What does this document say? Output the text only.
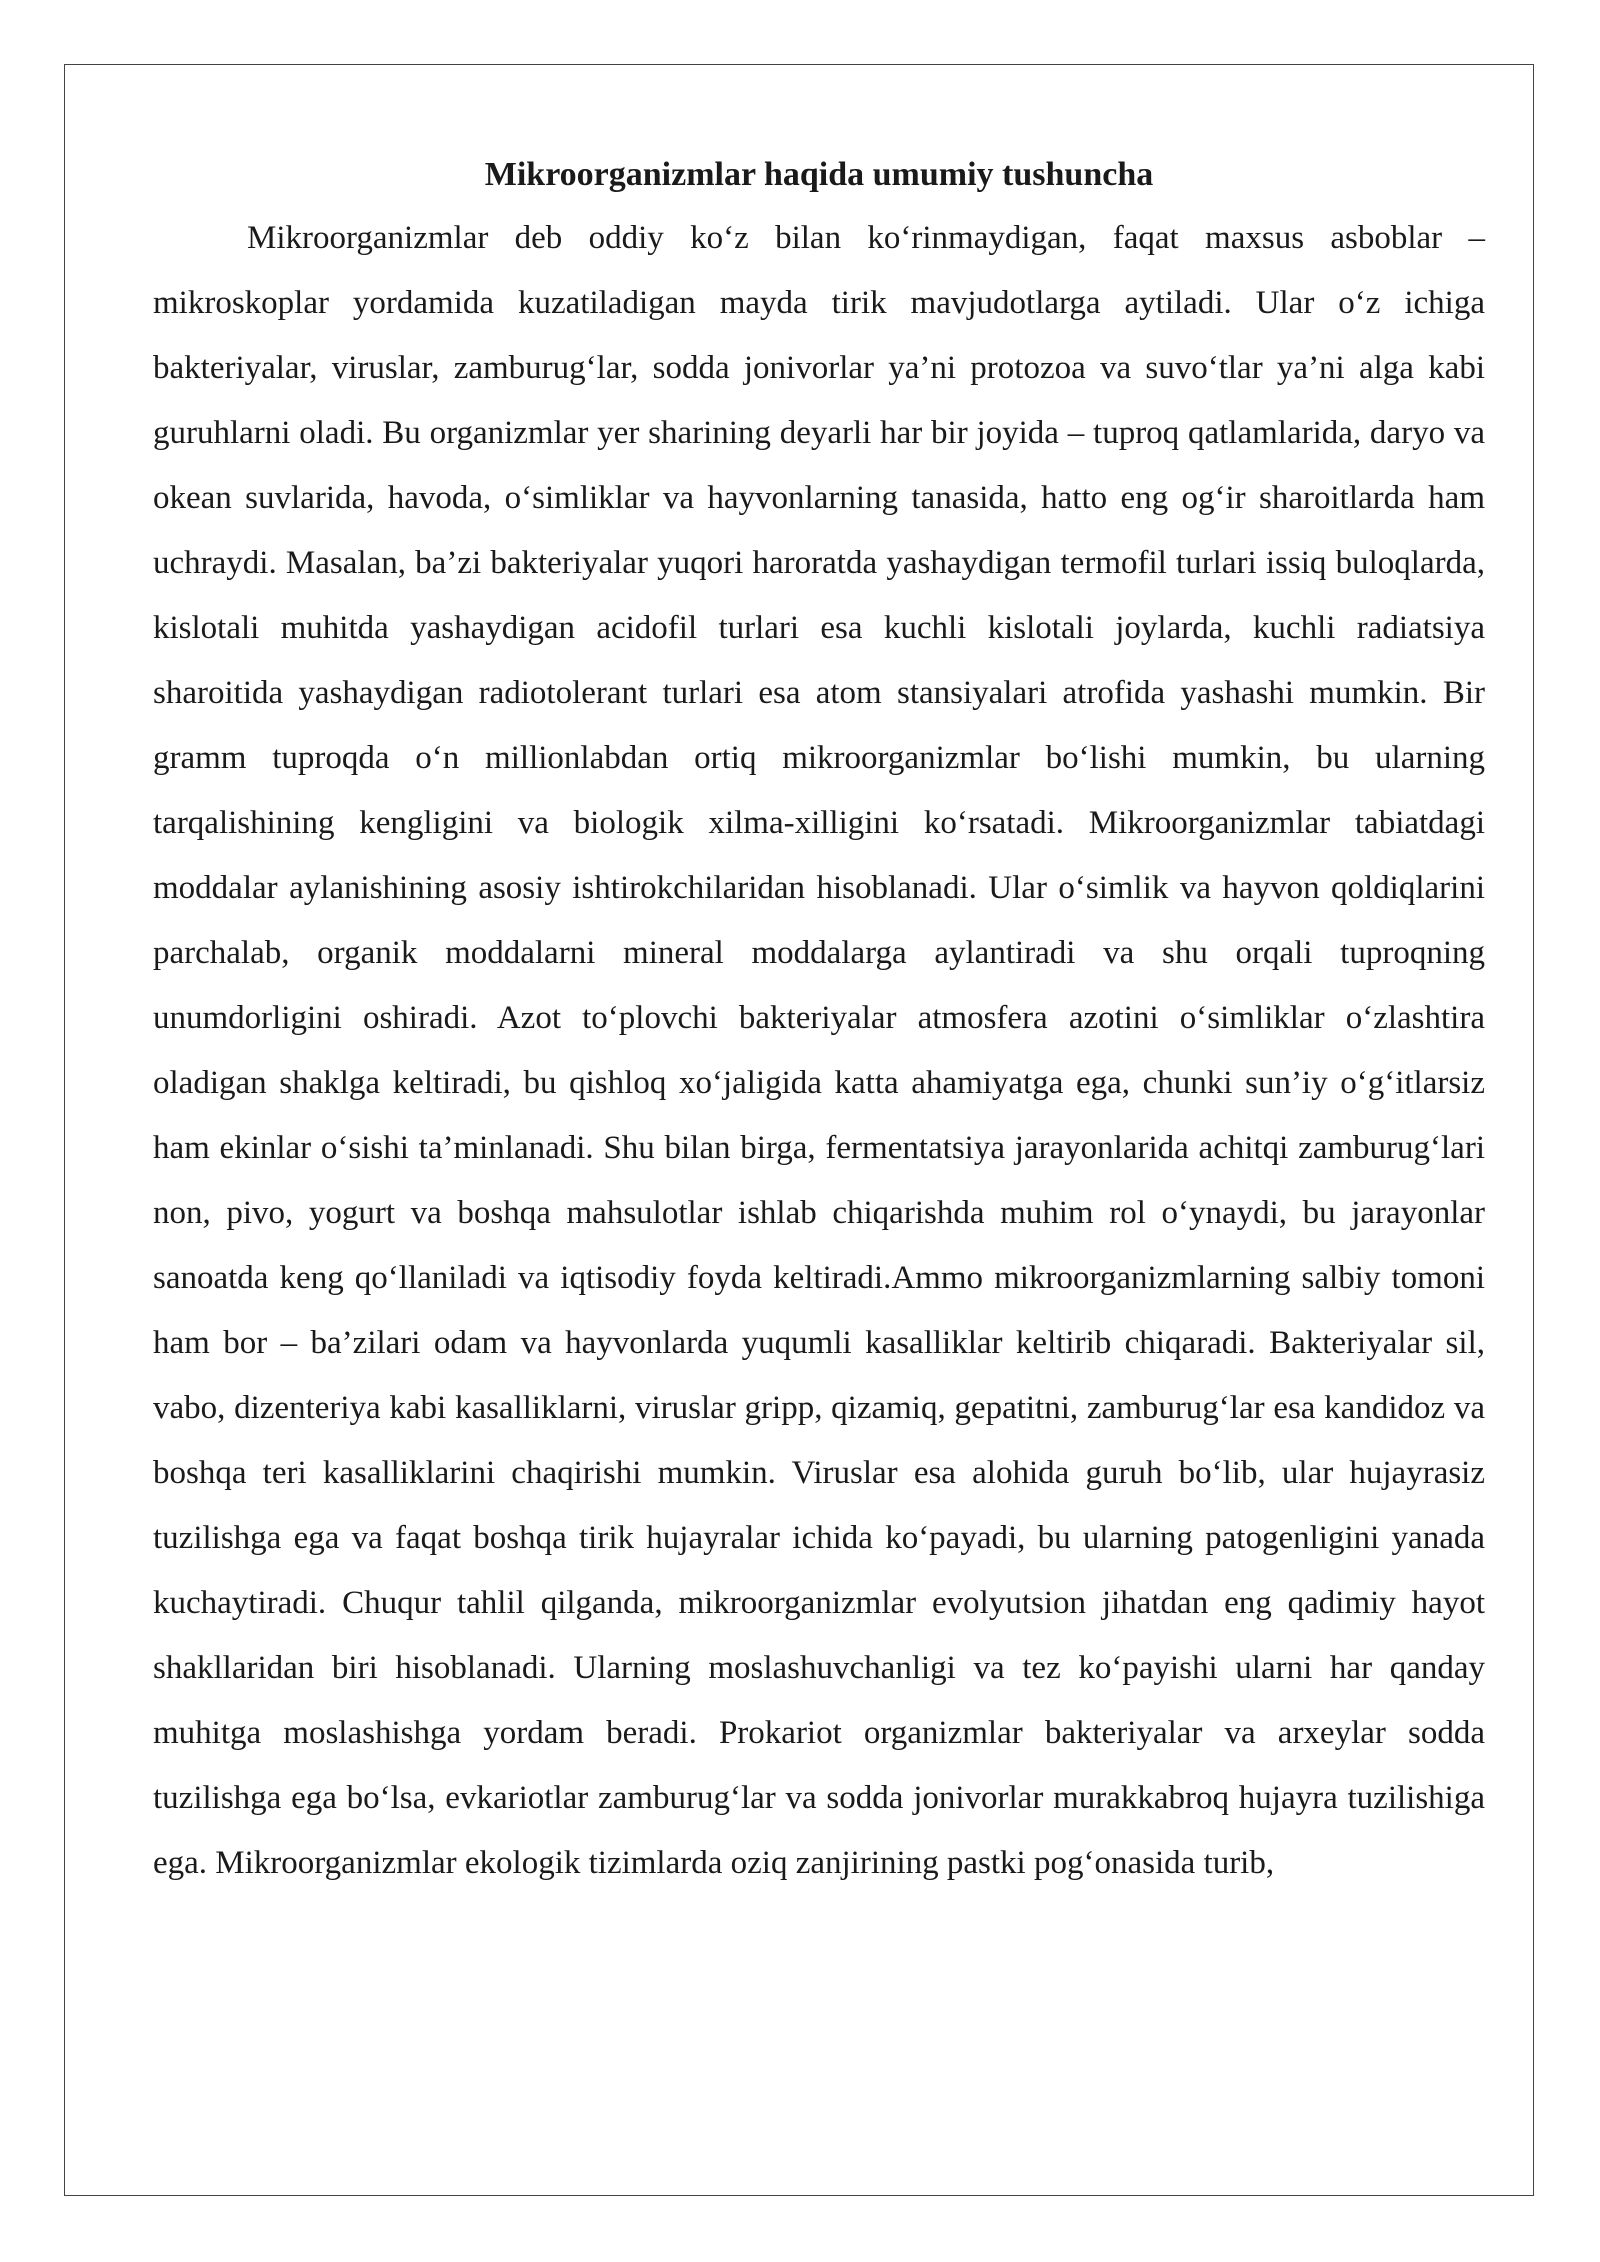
Mikroorganizmlar haqida umumiy tushuncha

Mikroorganizmlar deb oddiy koʻz bilan koʻrinmaydigan, faqat maxsus asboblar – mikroskoplar yordamida kuzatiladigan mayda tirik mavjudotlarga aytiladi. Ular oʻz ichiga bakteriyalar, viruslar, zamburugʻlar, sodda jonivorlar ya’ni protozoa va suvoʻtlar ya’ni alga kabi guruhlarni oladi. Bu organizmlar yer sharining deyarli har bir joyida – tuproq qatlamlarida, daryo va okean suvlarida, havoda, oʻsimliklar va hayvonlarning tanasida, hatto eng ogʻir sharoitlarda ham uchraydi. Masalan, ba’zi bakteriyalar yuqori haroratda yashaydigan termofil turlari issiq buloqlarda, kislotali muhitda yashaydigan acidofil turlari esa kuchli kislotali joylarda, kuchli radiatsiya sharoitida yashaydigan radiotolerant turlari esa atom stansiyalari atrofida yashashi mumkin. Bir gramm tuproqda oʻn millionlabdan ortiq mikroorganizmlar boʻlishi mumkin, bu ularning tarqalishining kengligini va biologik xilma-xilligini koʻrsatadi. Mikroorganizmlar tabiatdagi moddalar aylanishining asosiy ishtirokchilaridan hisoblanadi. Ular oʻsimlik va hayvon qoldiqlarini parchalab, organik moddalarni mineral moddalarga aylantiradi va shu orqali tuproqning unumdorligini oshiradi. Azot toʻplovchi bakteriyalar atmosfera azotini oʻsimliklar oʻzlashtira oladigan shaklga keltiradi, bu qishloq xoʻjaligida katta ahamiyatga ega, chunki sun’iy oʻgʻitlarsiz ham ekinlar oʻsishi ta’minlanadi. Shu bilan birga, fermentatsiya jarayonlarida achitqi zamburugʻlari non, pivo, yogurt va boshqa mahsulotlar ishlab chiqarishda muhim rol oʻynaydi, bu jarayonlar sanoatda keng qoʻllaniladi va iqtisodiy foyda keltiradi.Ammo mikroorganizmlarning salbiy tomoni ham bor – ba’zilari odam va hayvonlarda yuqumli kasalliklar keltirib chiqaradi. Bakteriyalar sil, vabo, dizenteriya kabi kasalliklarni, viruslar gripp, qizamiq, gepatitni, zamburugʻlar esa kandidoz va boshqa teri kasalliklarini chaqirishi mumkin. Viruslar esa alohida guruh boʻlib, ular hujayrasiz tuzilishga ega va faqat boshqa tirik hujayralar ichida koʻpayadi, bu ularning patogenligini yanada kuchaytiradi. Chuqur tahlil qilganda, mikroorganizmlar evolyutsion jihatdan eng qadimiy hayot shakllaridan biri hisoblanadi. Ularning moslashuvchanligi va tez koʻpayishi ularni har qanday muhitga moslashishga yordam beradi. Prokariot organizmlar bakteriyalar va arxeylar sodda tuzilishga ega boʻlsa, evkariotlar zamburugʻlar va sodda jonivorlar murakkabroq hujayra tuzilishiga ega. Mikroorganizmlar ekologik tizimlarda oziq zanjirining pastki pogʻonasida turib,
